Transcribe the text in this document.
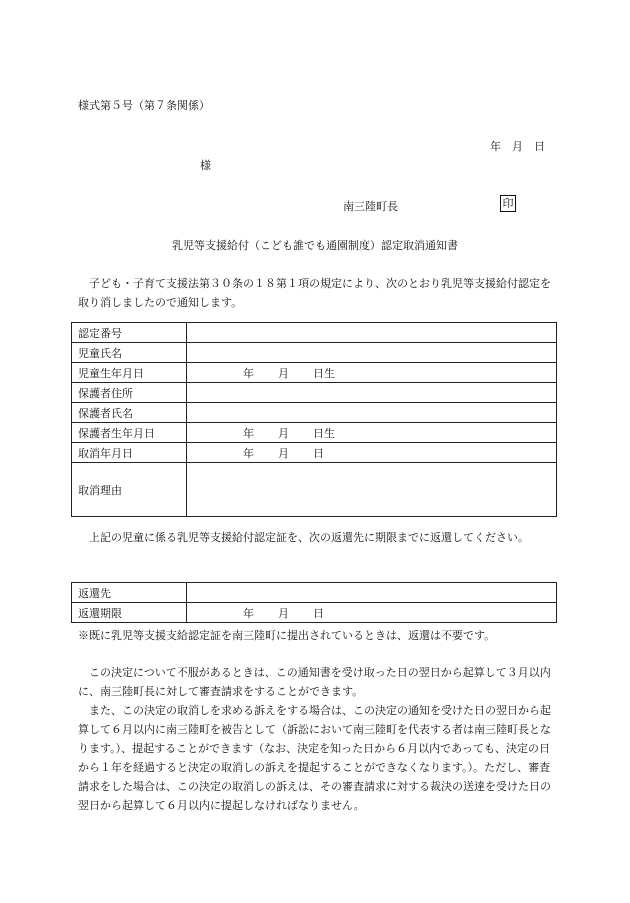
様式第５号（第７条関係）
年　月　日
様
南三陸町長	印
乳児等支援給付（こども誰でも通園制度）認定取消通知書
子ども・子育て支援法第３０条の１８第１項の規定により、次のとおり乳児等支援給付認定を取り消しましたので通知します。
認定番号	
児童氏名	
児童生年月日	年 月 日生
保護者住所	
保護者氏名	
保護者生年月日	年 月 日生
取消年月日	年 月 日
取消理由	
上記の児童に係る乳児等支援給付認定証を、次の返還先に期限までに返還してください。
返還先	
返還期限	年 月 日
※既に乳児等支援支給認定証を南三陸町に提出されているときは、返還は不要です。

この決定について不服があるときは、この通知書を受け取った日の翌日から起算して３月以内に、南三陸町長に対して審査請求をすることができます。

また、この決定の取消しを求める訴えをする場合は、この決定の通知を受けた日の翌日から起算して６月以内に南三陸町を被告として（訴訟において南三陸町を代表する者は南三陸町長となります。）、提起することができます（なお、決定を知った日から６月以内であっても、決定の日から１年を経過すると決定の取消しの訴えを提起することができなくなります。）。ただし、審査請求をした場合は、この決定の取消しの訴えは、その審査請求に対する裁決の送達を受けた日の翌日から起算して６月以内に提起しなければなりません。
